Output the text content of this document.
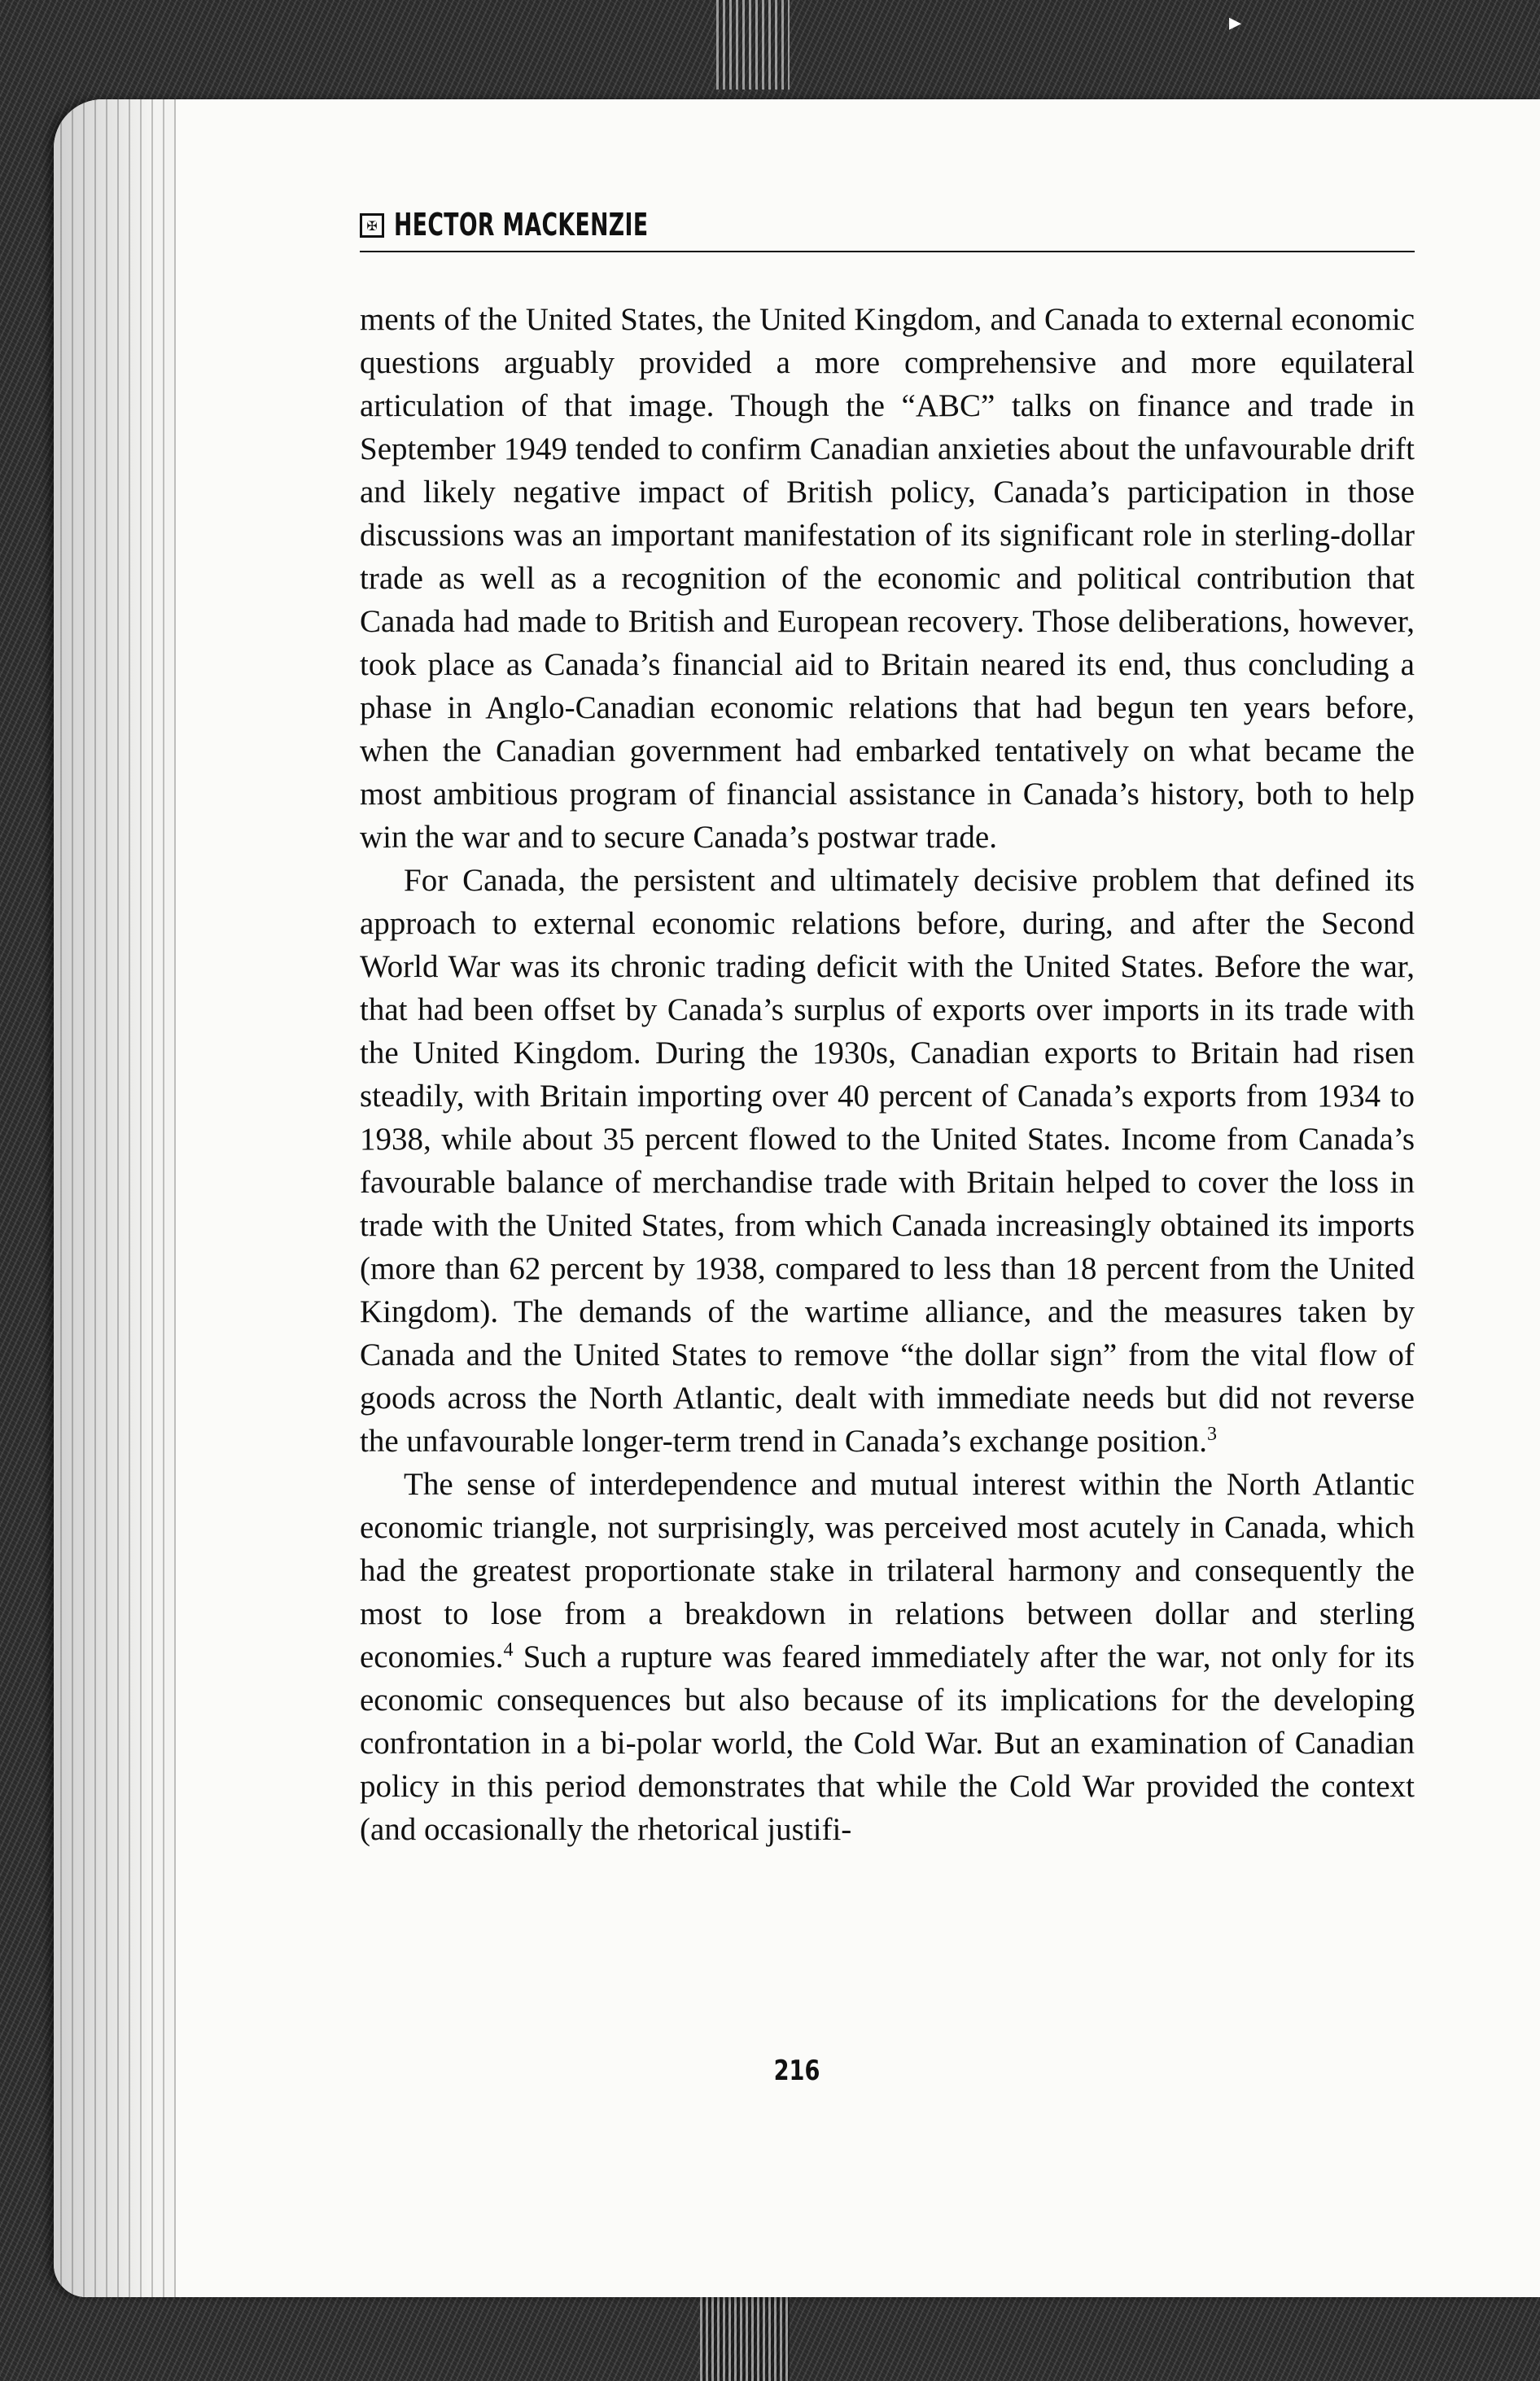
▸
✠ HECTOR MACKENZIE

ments of the United States, the United Kingdom, and Canada to external economic questions arguably provided a more comprehensive and more equilateral articulation of that image. Though the “ABC” talks on finance and trade in September 1949 tended to confirm Canadian anxieties about the unfavourable drift and likely negative impact of British policy, Canada’s participation in those discussions was an important manifestation of its significant role in sterling-dollar trade as well as a recognition of the economic and political contribution that Canada had made to British and European recovery. Those deliberations, however, took place as Canada’s financial aid to Britain neared its end, thus concluding a phase in Anglo-Canadian economic relations that had begun ten years before, when the Canadian government had embarked tentatively on what became the most ambitious program of financial assistance in Canada’s history, both to help win the war and to secure Canada’s postwar trade.

For Canada, the persistent and ultimately decisive problem that defined its approach to external economic relations before, during, and after the Second World War was its chronic trading deficit with the United States. Before the war, that had been offset by Canada’s surplus of exports over imports in its trade with the United Kingdom. During the 1930s, Canadian exports to Britain had risen steadily, with Britain importing over 40 percent of Canada’s exports from 1934 to 1938, while about 35 percent flowed to the United States. Income from Canada’s favourable balance of merchandise trade with Britain helped to cover the loss in trade with the United States, from which Canada increasingly obtained its imports (more than 62 percent by 1938, compared to less than 18 percent from the United Kingdom). The demands of the wartime alliance, and the measures taken by Canada and the United States to remove “the dollar sign” from the vital flow of goods across the North Atlantic, dealt with immediate needs but did not reverse the unfavourable longer-term trend in Canada’s exchange position.$^3$

The sense of interdependence and mutual interest within the North Atlantic economic triangle, not surprisingly, was perceived most acutely in Canada, which had the greatest proportionate stake in trilateral harmony and consequently the most to lose from a breakdown in relations between dollar and sterling economies.$^4$ Such a rupture was feared immediately after the war, not only for its economic consequences but also because of its implications for the developing confrontation in a bi-polar world, the Cold War. But an examination of Canadian policy in this period demonstrates that while the Cold War provided the context (and occasionally the rhetorical justifi-

216
